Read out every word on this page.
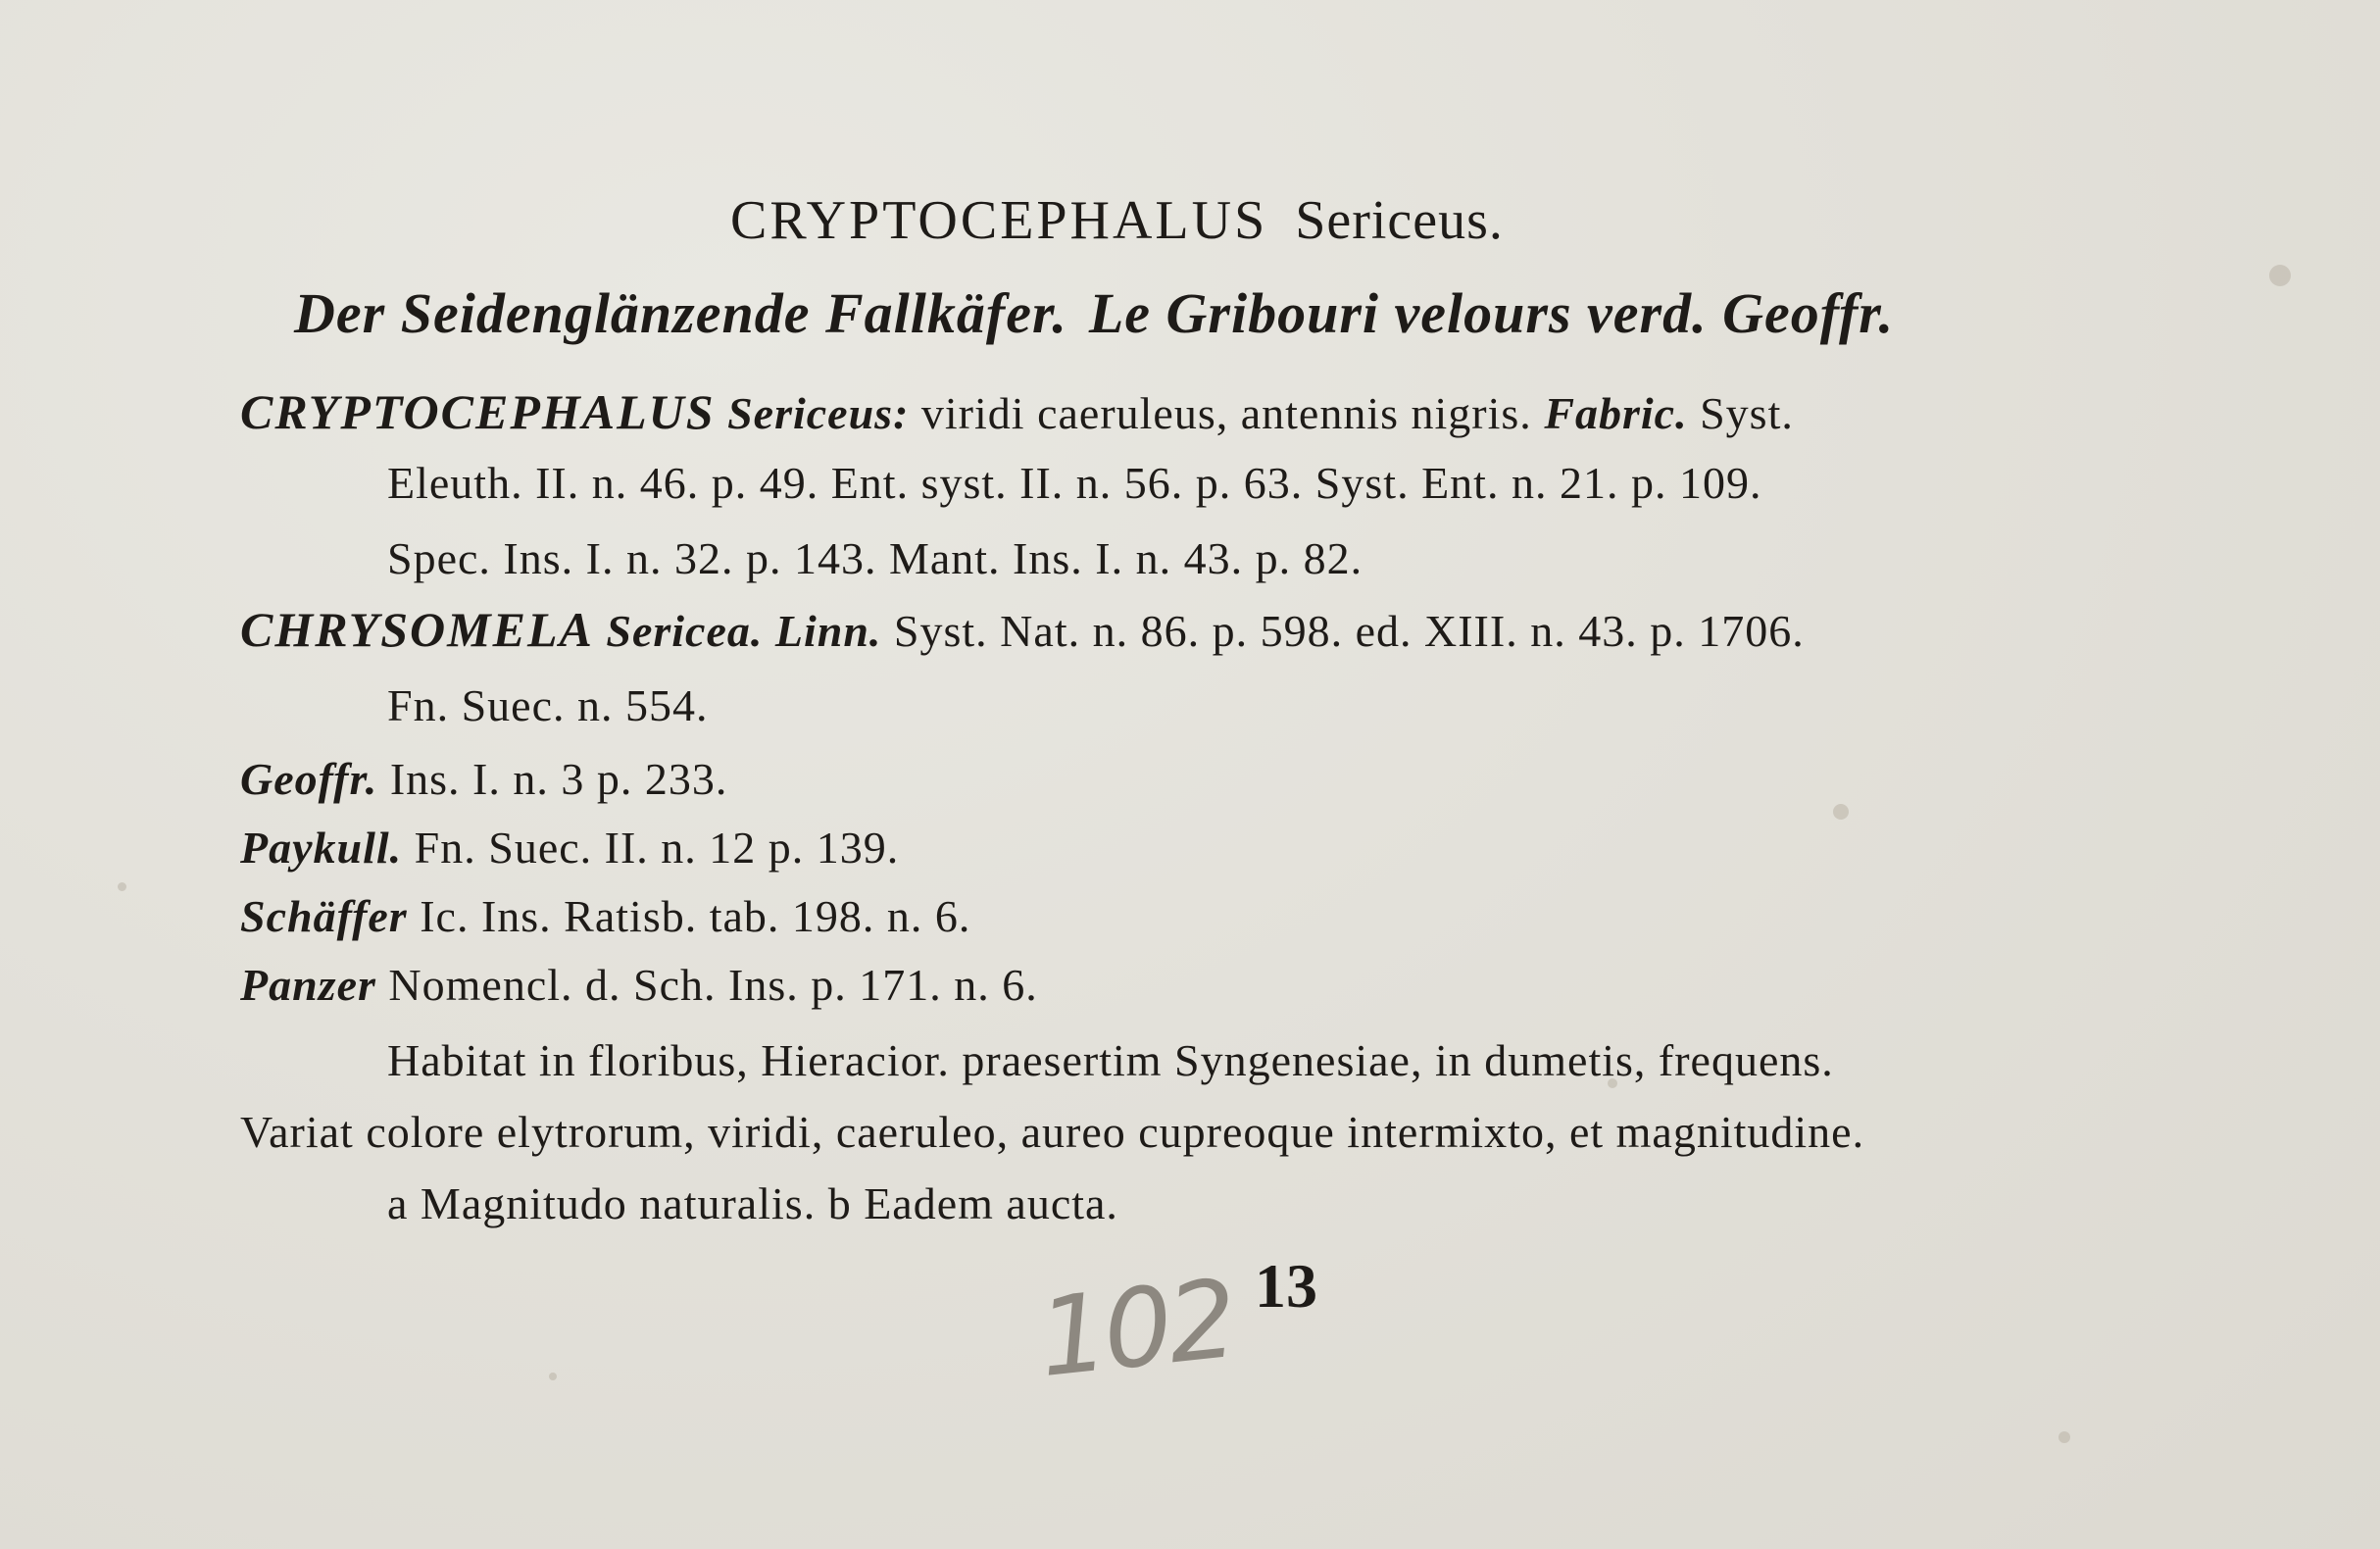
CRYPTOCEPHALUS Sericeus.
Der Seidenglänzende Fallkäfer. Le Gribouri velours verd. Geoffr.
CRYPTOCEPHALUS Sericeus: viridi caeruleus, antennis nigris. Fabric. Syst.
Eleuth. II. n. 46. p. 49. Ent. syst. II. n. 56. p. 63. Syst. Ent. n. 21. p. 109.
Spec. Ins. I. n. 32. p. 143. Mant. Ins. I. n. 43. p. 82.
CHRYSOMELA Sericea. Linn. Syst. Nat. n. 86. p. 598. ed. XIII. n. 43. p. 1706.
Fn. Suec. n. 554.
Geoffr. Ins. I. n. 3 p. 233.
Paykull. Fn. Suec. II. n. 12 p. 139.
Schäffer Ic. Ins. Ratisb. tab. 198. n. 6.
Panzer Nomencl. d. Sch. Ins. p. 171. n. 6.
Habitat in floribus, Hieracior. praesertim Syngenesiae, in dumetis, frequens.
Variat colore elytrorum, viridi, caeruleo, aureo cupreoque intermixto, et magnitudine.
a Magnitudo naturalis. b Eadem aucta.
13
102
